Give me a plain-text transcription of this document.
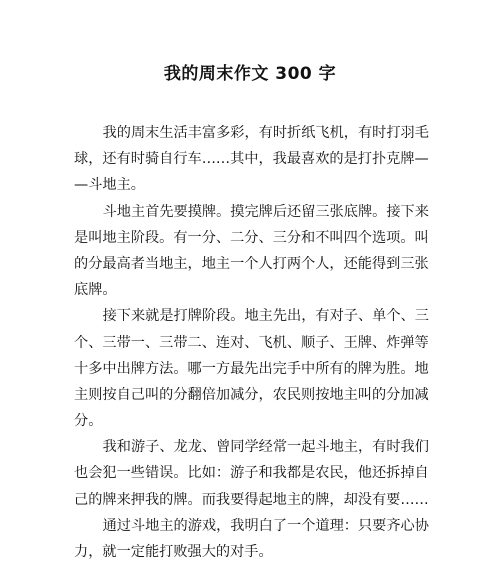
我的周末作文 300 字
我的周末生活丰富多彩，有时折纸飞机，有时打羽毛
球，还有时骑自行车……其中，我最喜欢的是打扑克牌—
—斗地主。
斗地主首先要摸牌。摸完牌后还留三张底牌。接下来
是叫地主阶段。有一分、二分、三分和不叫四个选项。叫
的分最高者当地主，地主一个人打两个人，还能得到三张
底牌。
接下来就是打牌阶段。地主先出，有对子、单个、三
个、三带一、三带二、连对、飞机、顺子、王牌、炸弹等
十多中出牌方法。哪一方最先出完手中所有的牌为胜。地
主则按自己叫的分翻倍加减分，农民则按地主叫的分加减
分。
我和游子、龙龙、曾同学经常一起斗地主，有时我们
也会犯一些错误。比如：游子和我都是农民，他还拆掉自
己的牌来押我的牌。而我要得起地主的牌，却没有要……
通过斗地主的游戏，我明白了一个道理：只要齐心协
力，就一定能打败强大的对手。
